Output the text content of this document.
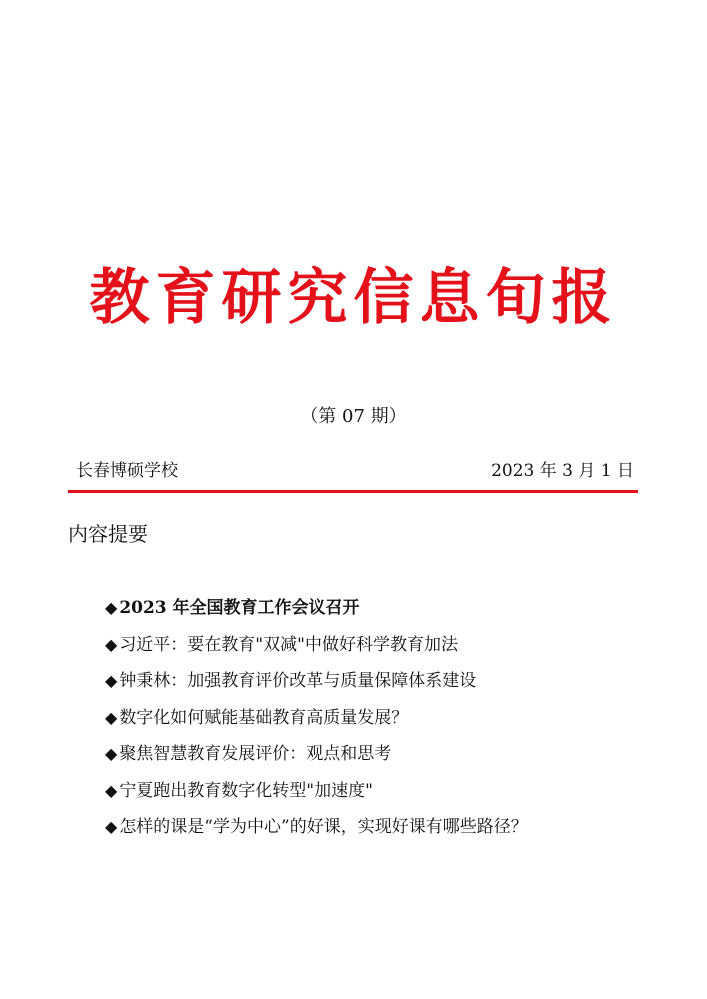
教育研究信息旬报
（第 07 期）
长春博硕学校	2023 年 3 月 1 日
内容提要
◆ 2023 年全国教育工作会议召开
◆ 习近平：要在教育"双减"中做好科学教育加法
◆ 钟秉林：加强教育评价改革与质量保障体系建设
◆ 数字化如何赋能基础教育高质量发展？
◆ 聚焦智慧教育发展评价：观点和思考
◆ 宁夏跑出教育数字化转型"加速度"
◆ 怎样的课是“学为中心”的好课，实现好课有哪些路径？
